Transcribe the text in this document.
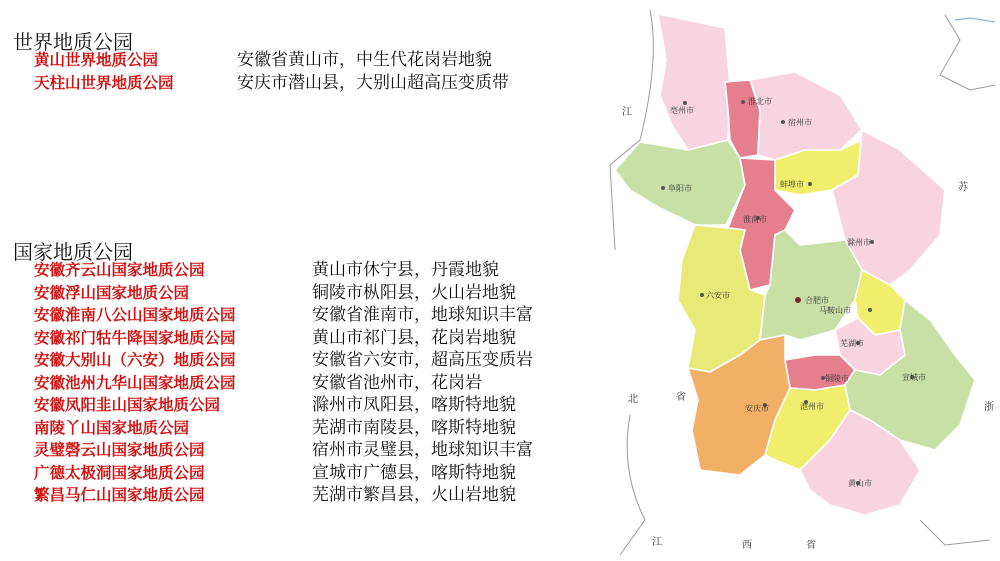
世界地质公园
黄山世界地质公园	安徽省黄山市，中生代花岗岩地貌
天柱山世界地质公园	安庆市潜山县，大别山超高压变质带
国家地质公园
安徽齐云山国家地质公园	黄山市休宁县，丹霞地貌
安徽浮山国家地质公园	铜陵市枞阳县，火山岩地貌
安徽淮南八公山国家地质公园	安徽省淮南市，地球知识丰富
安徽祁门牯牛降国家地质公园	黄山市祁门县，花岗岩地貌
安徽大别山（六安）地质公园	安徽省六安市，超高压变质岩
安徽池州九华山国家地质公园	安徽省池州市，花岗岩
安徽凤阳韭山国家地质公园	滁州市凤阳县，喀斯特地貌
南陵丫山国家地质公园	芜湖市南陵县，喀斯特地貌
灵璧磬云山国家地质公园	宿州市灵璧县，地球知识丰富
广德太极洞国家地质公园	宣城市广德县，喀斯特地貌
繁昌马仁山国家地质公园	芜湖市繁昌县，火山岩地貌
淮北市
亳州市
宿州市
阜阳市	蚌埠市
淮南市
滁州市
六安市
合肥市
马鞍山市
芜湖市
铜陵市	宣城市
安庆市	池州市
黄山市
江
苏
北	省
浙
江	西	省
